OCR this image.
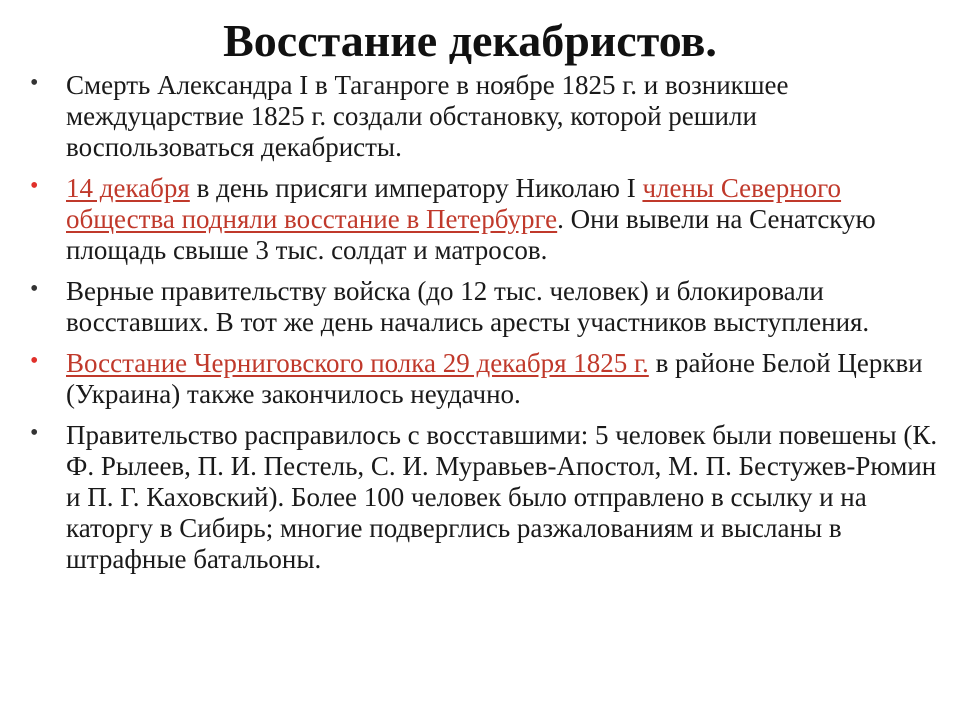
Восстание декабристов.
• Смерть Александра I в Таганроге в ноябре 1825 г. и возникшее междуцарствие 1825 г. создали обстановку, которой решили воспользоваться декабристы.
• 14 декабря в день присяги императору Николаю I члены Северного общества подняли восстание в Петербурге. Они вывели на Сенатскую площадь свыше 3 тыс. солдат и матросов.
• Верные правительству войска (до 12 тыс. человек) и блокировали восставших. В тот же день начались аресты участников выступления.
• Восстание Черниговского полка 29 декабря 1825 г. в районе Белой Церкви (Украина) также закончилось неудачно.
• Правительство расправилось с восставшими: 5 человек были повешены (К. Ф. Рылеев, П. И. Пестель, С. И. Муравьев-Апостол, М. П. Бестужев-Рюмин и П. Г. Каховский). Более 100 человек было отправлено в ссылку и на каторгу в Сибирь; многие подверглись разжалованиям и высланы в штрафные батальоны.
